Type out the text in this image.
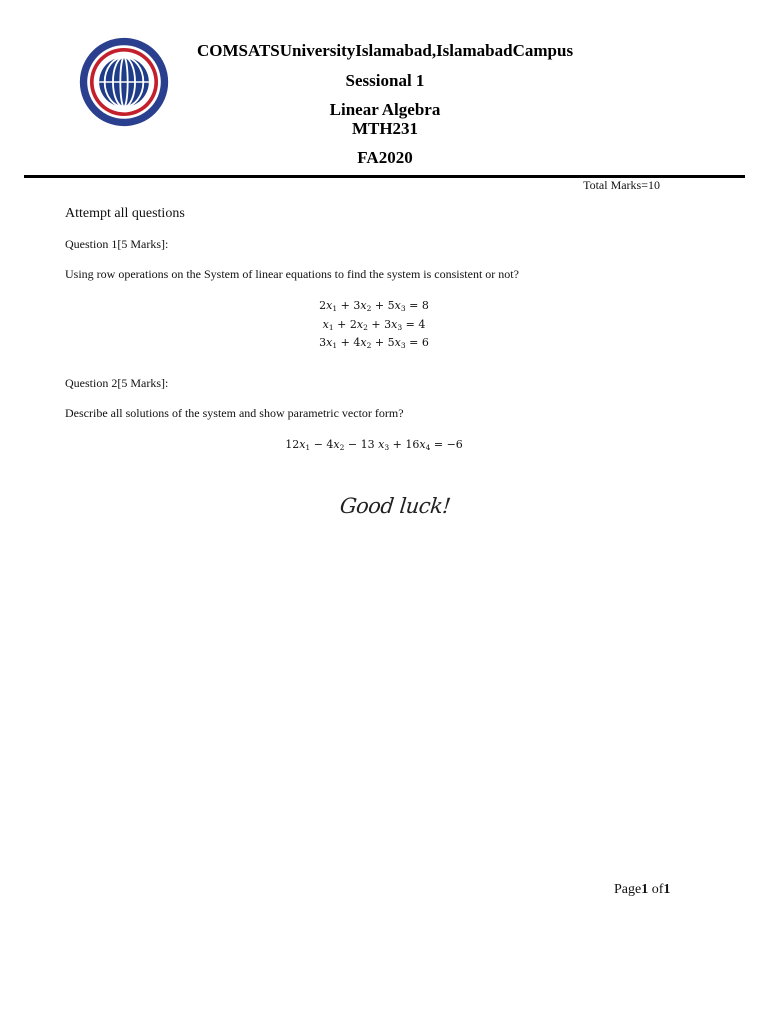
COMSATSUniversityIslamabad,IslamabadCampus
Sessional 1
Linear Algebra
MTH231
FA2020
Total Marks=10
Attempt all questions
Question 1[5 Marks]:
Using row operations on the System of linear equations to find the system is consistent or not?
$2x_1 + 3x_2 + 5x_3 = 8$
$x_1 + 2x_2 + 3x_3 = 4$
$3x_1 + 4x_2 + 5x_3 = 6$
Question 2[5 Marks]:
Describe all solutions of the system and show parametric vector form?
$12x_1 - 4x_2 - 13$ $x_3 + 16x_4 = -6$
Good luck!
Page1 of1
